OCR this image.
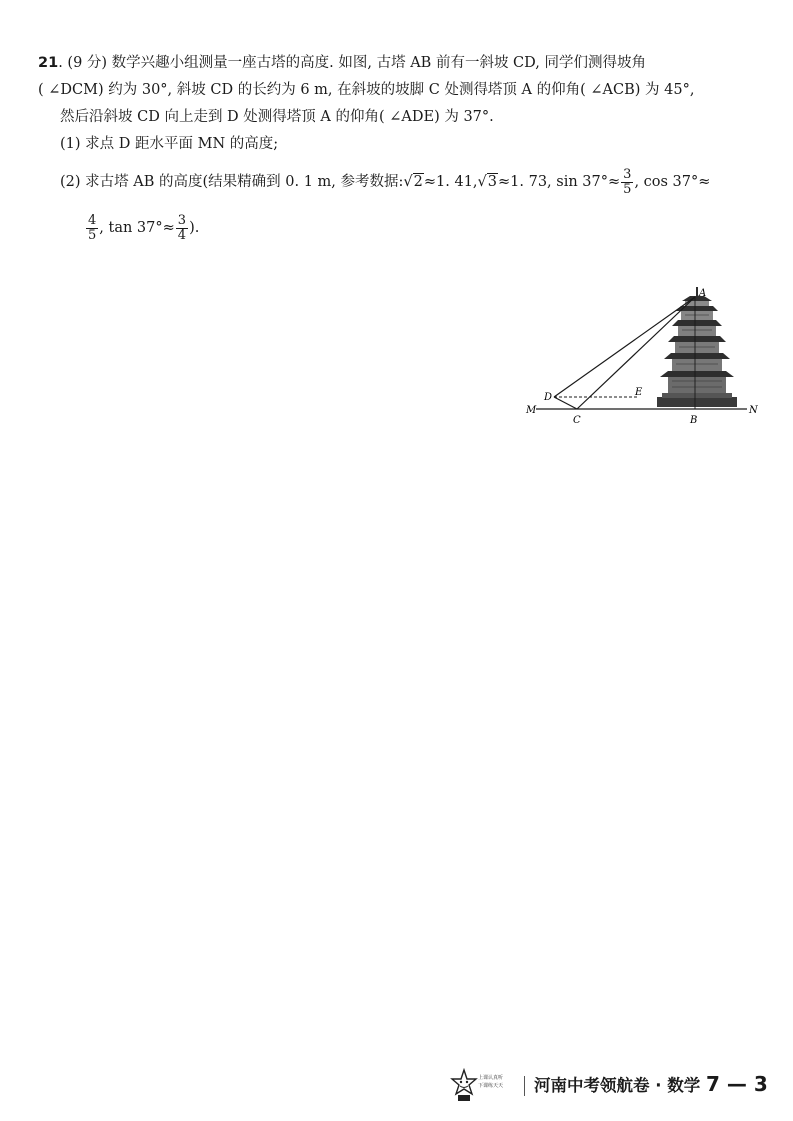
21. (9 分) 数学兴趣小组测量一座古塔的高度. 如图, 古塔 AB 前有一斜坡 CD, 同学们测得坡角
( ∠DCM) 约为 30°, 斜坡 CD 的长约为 6 m, 在斜坡的坡脚 C 处测得塔顶 A 的仰角( ∠ACB) 为 45°,
然后沿斜坡 CD 向上走到 D 处测得塔顶 A 的仰角( ∠ADE) 为 37°.
(1) 求点 D 距水平面 MN 的高度;
(2) 求古塔 AB 的高度(结果精确到 0. 1 m, 参考数据:√2≈1. 41,√3≈1. 73, $\sin 37^\circ\approx \frac{3}{5}$ , cos 37°≈
$\frac{4}{5}$ , $\tan 37^\circ\approx \frac{3}{4}$ ).
A
D	E
M
C	B
N
上课认真听
下课练天天 河南中考领航卷 · 数学 7 — 3
